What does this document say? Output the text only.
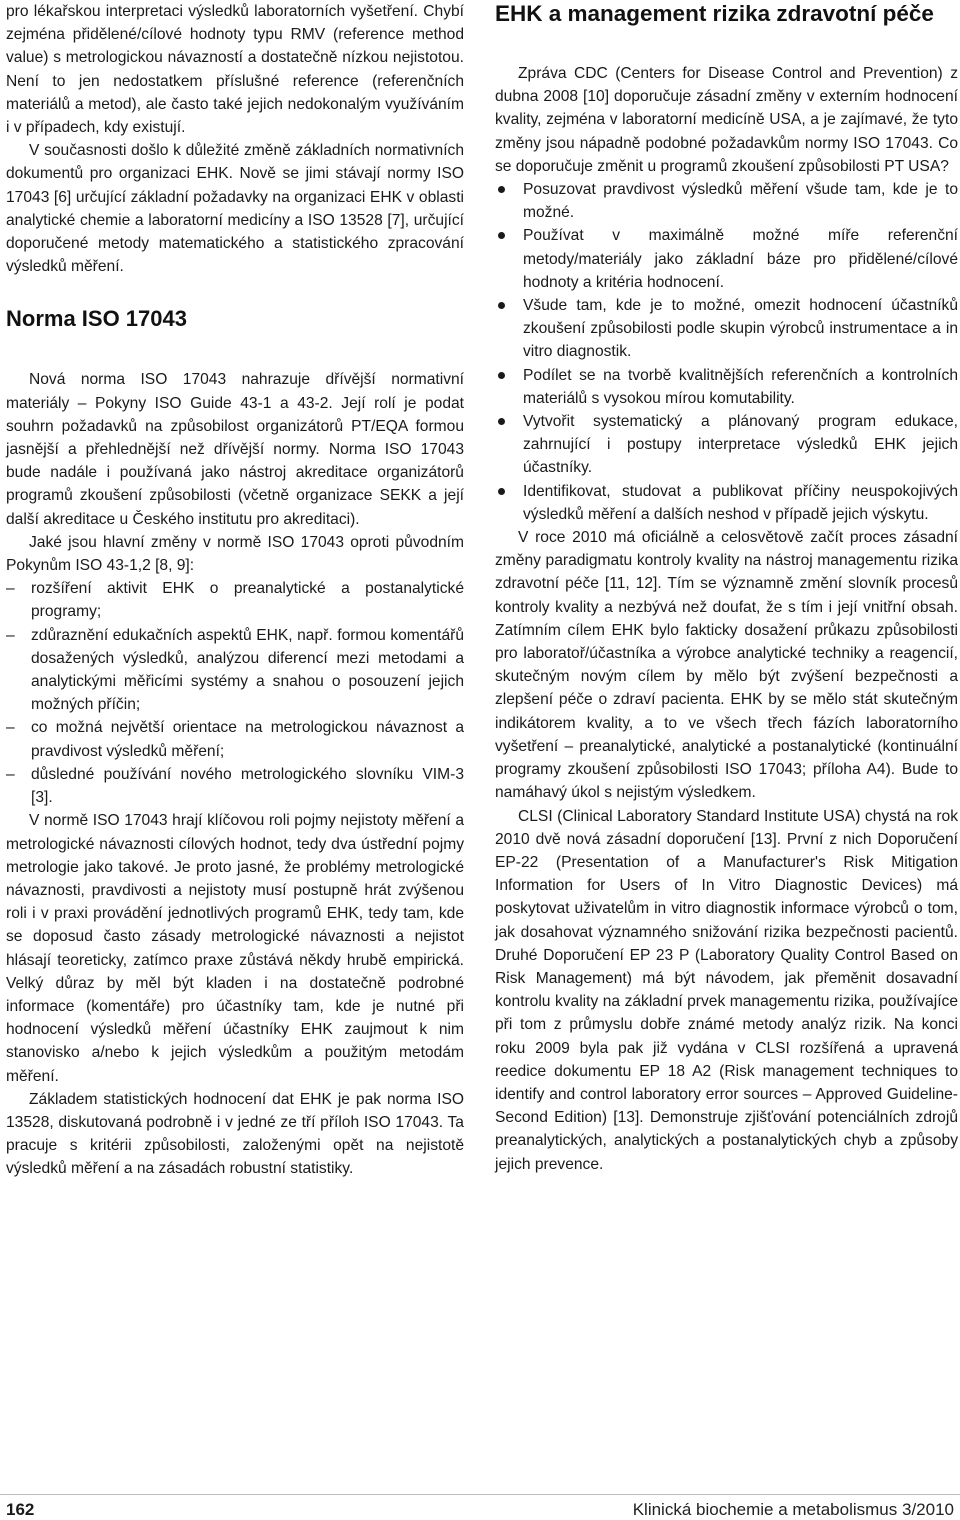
pro lékařskou interpretaci výsledků laboratorních vyšetření. Chybí zejména přidělené/cílové hodnoty typu RMV (reference method value) s metrologickou návazností a dostatečně nízkou nejistotou. Není to jen nedostatkem příslušné reference (referenčních materiálů a metod), ale často také jejich nedokonalým využíváním i v případech, kdy existují.

V současnosti došlo k důležité změně základních normativních dokumentů pro organizaci EHK. Nově se jimi stávají normy ISO 17043 [6] určující základní požadavky na organizaci EHK v oblasti analytické chemie a laboratorní medicíny a ISO 13528 [7], určující doporučené metody matematického a statistického zpracování výsledků měření.

Norma ISO 17043

Nová norma ISO 17043 nahrazuje dřívější normativní materiály – Pokyny ISO Guide 43-1 a 43-2. Její rolí je podat souhrn požadavků na způsobilost organizátorů PT/EQA formou jasnější a přehlednější než dřívější normy. Norma ISO 17043 bude nadále i používaná jako nástroj akreditace organizátorů programů zkoušení způsobilosti (včetně organizace SEKK a její další akreditace u Českého institutu pro akreditaci).

Jaké jsou hlavní změny v normě ISO 17043 oproti původním Pokynům ISO 43-1,2 [8, 9]:

– rozšíření aktivit EHK o preanalytické a postanalytické programy;
– zdůraznění edukačních aspektů EHK, např. formou komentářů dosažených výsledků, analýzou diferencí mezi metodami a analytickými měřicími systémy a snahou o posouzení jejich možných příčin;
– co možná největší orientace na metrologickou návaznost a pravdivost výsledků měření;
– důsledné používání nového metrologického slovníku VIM-3 [3].

V normě ISO 17043 hrají klíčovou roli pojmy nejistoty měření a metrologické návaznosti cílových hodnot, tedy dva ústřední pojmy metrologie jako takové. Je proto jasné, že problémy metrologické návaznosti, pravdivosti a nejistoty musí postupně hrát zvýšenou roli i v praxi provádění jednotlivých programů EHK, tedy tam, kde se doposud často zásady metrologické návaznosti a nejistot hlásají teoreticky, zatímco praxe zůstává někdy hrubě empirická. Velký důraz by měl být kladen i na dostatečně podrobné informace (komentáře) pro účastníky tam, kde je nutné při hodnocení výsledků měření účastníky EHK zaujmout k nim stanovisko a/nebo k jejich výsledkům a použitým metodám měření.

Základem statistických hodnocení dat EHK je pak norma ISO 13528, diskutovaná podrobně i v jedné ze tří příloh ISO 17043. Ta pracuje s kritérii způsobilosti, založenými opět na nejistotě výsledků měření a na zásadách robustní statistiky.

EHK a management rizika zdravotní péče

Zpráva CDC (Centers for Disease Control and Prevention) z dubna 2008 [10] doporučuje zásadní změny v externím hodnocení kvality, zejména v laboratorní medicíně USA, a je zajímavé, že tyto změny jsou nápadně podobné požadavkům normy ISO 17043. Co se doporučuje změnit u programů zkoušení způsobilosti PT USA?

Posuzovat pravdivost výsledků měření všude tam, kde je to možné.
Používat v maximálně možné míře referenční metody/materiály jako základní báze pro přidělené/cílové hodnoty a kritéria hodnocení.
Všude tam, kde je to možné, omezit hodnocení účastníků zkoušení způsobilosti podle skupin výrobců instrumentace a in vitro diagnostik.
Podílet se na tvorbě kvalitnějších referenčních a kontrolních materiálů s vysokou mírou komutability.
Vytvořit systematický a plánovaný program edukace, zahrnující i postupy interpretace výsledků EHK jejich účastníky.
Identifikovat, studovat a publikovat příčiny neuspokojivých výsledků měření a dalších neshod v případě jejich výskytu.

V roce 2010 má oficiálně a celosvětově začít proces zásadní změny paradigmatu kontroly kvality na nástroj managementu rizika zdravotní péče [11, 12]. Tím se významně změní slovník procesů kontroly kvality a nezbývá než doufat, že s tím i její vnitřní obsah. Zatímním cílem EHK bylo fakticky dosažení průkazu způsobilosti pro laboratoř/účastníka a výrobce analytické techniky a reagencií, skutečným novým cílem by mělo být zvýšení bezpečnosti a zlepšení péče o zdraví pacienta. EHK by se mělo stát skutečným indikátorem kvality, a to ve všech třech fázích laboratorního vyšetření – preanalytické, analytické a postanalytické (kontinuální programy zkoušení způsobilosti ISO 17043; příloha A4). Bude to namáhavý úkol s nejistým výsledkem.

CLSI (Clinical Laboratory Standard Institute USA) chystá na rok 2010 dvě nová zásadní doporučení [13]. První z nich Doporučení EP-22 (Presentation of a Manufacturer's Risk Mitigation Information for Users of In Vitro Diagnostic Devices) má poskytovat uživatelům in vitro diagnostik informace výrobců o tom, jak dosahovat významného snižování rizika bezpečnosti pacientů. Druhé Doporučení EP 23 P (Laboratory Quality Control Based on Risk Management) má být návodem, jak přeměnit dosavadní kontrolu kvality na základní prvek managementu rizika, používajíce při tom z průmyslu dobře známé metody analýz rizik. Na konci roku 2009 byla pak již vydána v CLSI rozšířená a upravená reedice dokumentu EP 18 A2 (Risk management techniques to identify and control laboratory error sources – Approved Guideline-Second Edition) [13]. Demonstruje zjišťování potenciálních zdrojů preanalytických, analytických a postanalytických chyb a způsoby jejich prevence.

162	Klinická biochemie a metabolismus 3/2010
